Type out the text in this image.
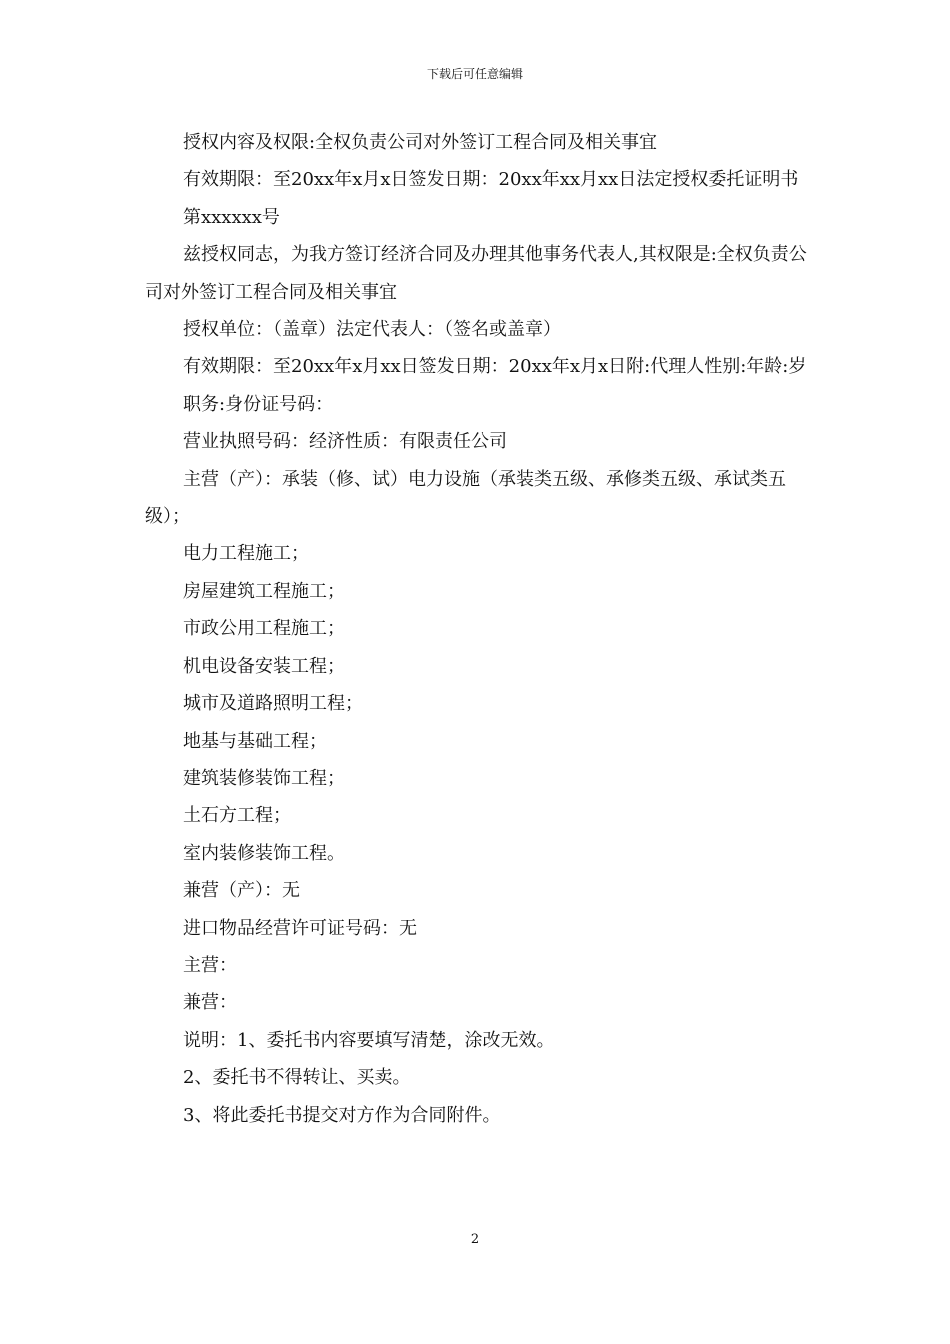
下载后可任意编辑

授权内容及权限:全权负责公司对外签订工程合同及相关事宜

有效期限：至20xx年x月x日签发日期：20xx年xx月xx日法定授权委托证明书

第xxxxxx号

兹授权同志，为我方签订经济合同及办理其他事务代表人,其权限是:全权负责公司对外签订工程合同及相关事宜

授权单位：（盖章）法定代表人：（签名或盖章）

有效期限：至20xx年x月xx日签发日期：20xx年x月x日附:代理人性别:年龄:岁

职务:身份证号码：

营业执照号码：经济性质：有限责任公司

主营（产）：承装（修、试）电力设施（承装类五级、承修类五级、承试类五级）；

电力工程施工；

房屋建筑工程施工；

市政公用工程施工；

机电设备安装工程；

城市及道路照明工程；

地基与基础工程；

建筑装修装饰工程；

土石方工程；

室内装修装饰工程。

兼营（产）：无

进口物品经营许可证号码：无

主营：

兼营：

说明：1、委托书内容要填写清楚，涂改无效。

2、委托书不得转让、买卖。

3、将此委托书提交对方作为合同附件。

2
